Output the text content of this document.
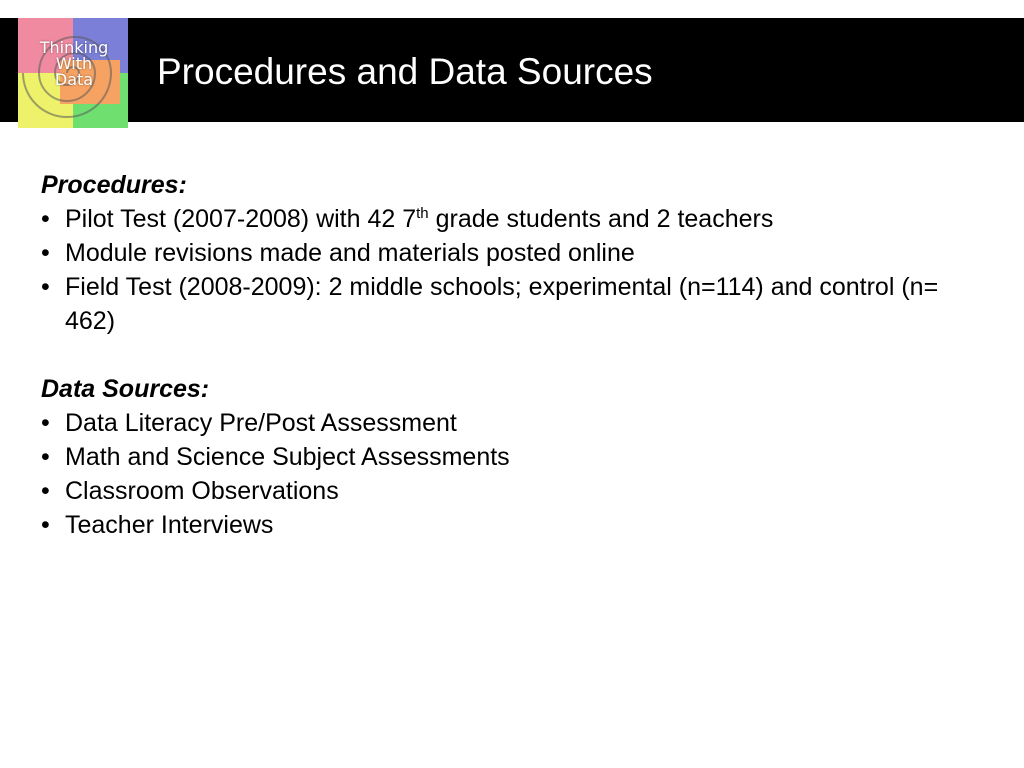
Procedures and Data Sources
Thinking
With
Data
Procedures:
• Pilot Test (2007-2008) with 42 7th grade students and 2 teachers
• Module revisions made and materials posted online
• Field Test (2008-2009): 2 middle schools; experimental (n=114) and control (n= 462)
Data Sources:
• Data Literacy Pre/Post Assessment
• Math and Science Subject Assessments
• Classroom Observations
• Teacher Interviews
